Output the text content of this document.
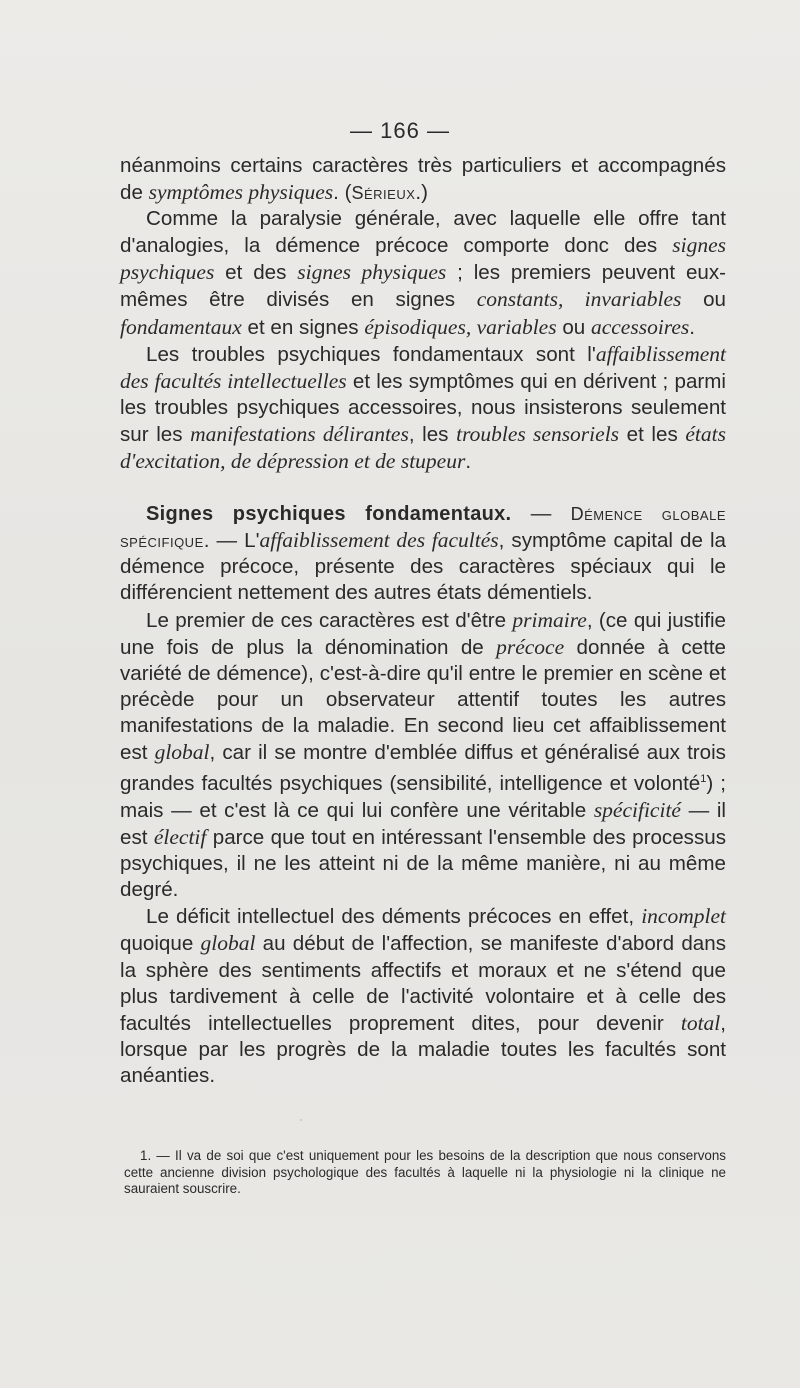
— 166 —

néanmoins certains caractères très particuliers et accompagnés de symptômes physiques. (Sérieux.)

Comme la paralysie générale, avec laquelle elle offre tant d'analogies, la démence précoce comporte donc des signes psychiques et des signes physiques ; les premiers peuvent eux-mêmes être divisés en signes constants, invariables ou fondamentaux et en signes épisodiques, variables ou accessoires.

Les troubles psychiques fondamentaux sont l'affaiblissement des facultés intellectuelles et les symptômes qui en dérivent ; parmi les troubles psychiques accessoires, nous insisterons seulement sur les manifestations délirantes, les troubles sensoriels et les états d'excitation, de dépression et de stupeur.

Signes psychiques fondamentaux. — Démence globale spécifique. — L'affaiblissement des facultés, symptôme capital de la démence précoce, présente des caractères spéciaux qui le différencient nettement des autres états démentiels.

Le premier de ces caractères est d'être primaire, (ce qui justifie une fois de plus la dénomination de précoce donnée à cette variété de démence), c'est-à-dire qu'il entre le premier en scène et précède pour un observateur attentif toutes les autres manifestations de la maladie. En second lieu cet affaiblissement est global, car il se montre d'emblée diffus et généralisé aux trois grandes facultés psychiques (sensibilité, intelligence et volonté$^1$) ; mais — et c'est là ce qui lui confère une véritable spécificité — il est électif parce que tout en intéressant l'ensemble des processus psychiques, il ne les atteint ni de la même manière, ni au même degré.

Le déficit intellectuel des déments précoces en effet, incomplet quoique global au début de l'affection, se manifeste d'abord dans la sphère des sentiments affectifs et moraux et ne s'étend que plus tardivement à celle de l'activité volontaire et à celle des facultés intellectuelles proprement dites, pour devenir total, lorsque par les progrès de la maladie toutes les facultés sont anéanties.

1. — Il va de soi que c'est uniquement pour les besoins de la description que nous conservons cette ancienne division psychologique des facultés à laquelle ni la physiologie ni la clinique ne sauraient souscrire.
